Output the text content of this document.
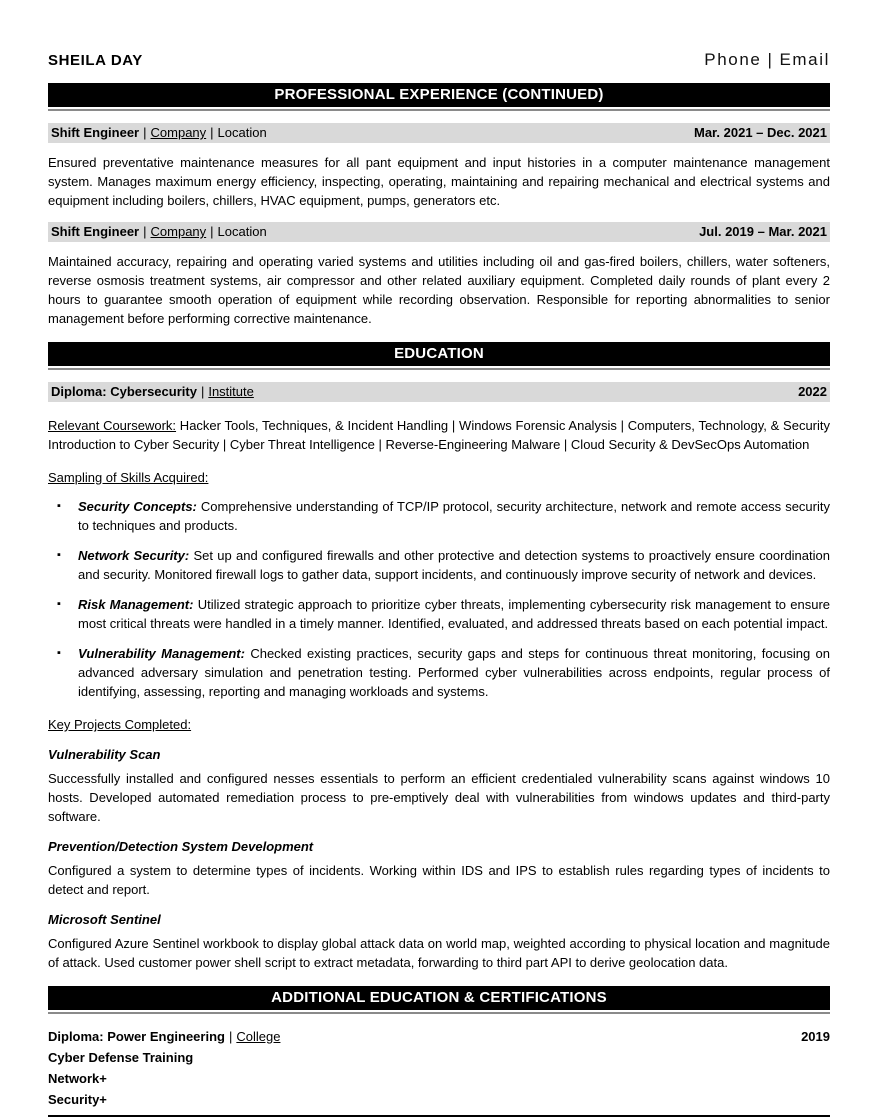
SHEILA DAY	Phone | Email
PROFESSIONAL EXPERIENCE (CONTINUED)
Shift Engineer | Company | Location	Mar. 2021 – Dec. 2021

Ensured preventative maintenance measures for all pant equipment and input histories in a computer maintenance management system. Manages maximum energy efficiency, inspecting, operating, maintaining and repairing mechanical and electrical systems and equipment including boilers, chillers, HVAC equipment, pumps, generators etc.

Shift Engineer | Company | Location	Jul. 2019 – Mar. 2021

Maintained accuracy, repairing and operating varied systems and utilities including oil and gas-fired boilers, chillers, water softeners, reverse osmosis treatment systems, air compressor and other related auxiliary equipment. Completed daily rounds of plant every 2 hours to guarantee smooth operation of equipment while recording observation. Responsible for reporting abnormalities to senior management before performing corrective maintenance.

EDUCATION
Diploma: Cybersecurity | Institute	2022

Relevant Coursework: Hacker Tools, Techniques, & Incident Handling | Windows Forensic Analysis | Computers, Technology, & Security Introduction to Cyber Security | Cyber Threat Intelligence | Reverse-Engineering Malware | Cloud Security & DevSecOps Automation

Sampling of Skills Acquired:
▪	Security Concepts: Comprehensive understanding of TCP/IP protocol, security architecture, network and remote access security to techniques and products.
▪	Network Security: Set up and configured firewalls and other protective and detection systems to proactively ensure coordination and security. Monitored firewall logs to gather data, support incidents, and continuously improve security of network and devices.
▪	Risk Management: Utilized strategic approach to prioritize cyber threats, implementing cybersecurity risk management to ensure most critical threats were handled in a timely manner. Identified, evaluated, and addressed threats based on each potential impact.
▪	Vulnerability Management: Checked existing practices, security gaps and steps for continuous threat monitoring, focusing on advanced adversary simulation and penetration testing. Performed cyber vulnerabilities across endpoints, regular process of identifying, assessing, reporting and managing workloads and systems.
Key Projects Completed:
Vulnerability Scan

Successfully installed and configured nesses essentials to perform an efficient credentialed vulnerability scans against windows 10 hosts. Developed automated remediation process to pre-emptively deal with vulnerabilities from windows updates and third-party software.

Prevention/Detection System Development

Configured a system to determine types of incidents. Working within IDS and IPS to establish rules regarding types of incidents to detect and report.

Microsoft Sentinel

Configured Azure Sentinel workbook to display global attack data on world map, weighted according to physical location and magnitude of attack. Used customer power shell script to extract metadata, forwarding to third part API to derive geolocation data.

ADDITIONAL EDUCATION & CERTIFICATIONS
Diploma: Power Engineering | College	2019
Cyber Defense Training
Network+
Security+
